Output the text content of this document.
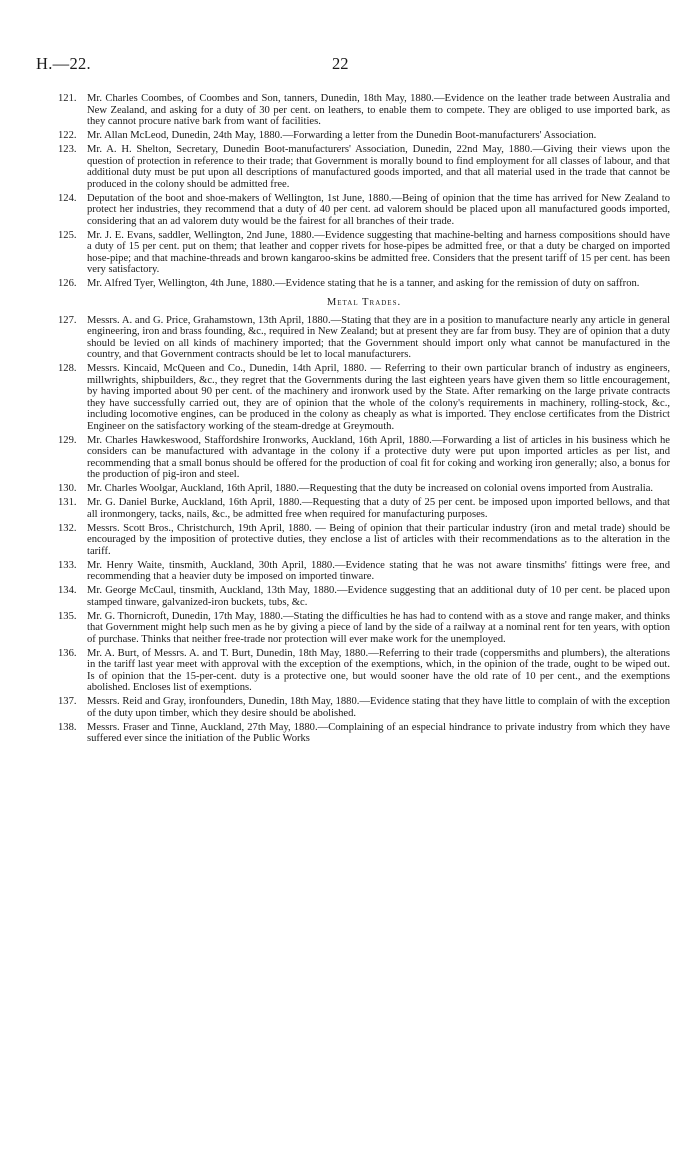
H.—22.	22
121. Mr. Charles Coombes, of Coombes and Son, tanners, Dunedin, 18th May, 1880.—Evidence on the leather trade between Australia and New Zealand, and asking for a duty of 30 per cent. on leathers, to enable them to compete. They are obliged to use imported bark, as they cannot procure native bark from want of facilities.
122. Mr. Allan McLeod, Dunedin, 24th May, 1880.—Forwarding a letter from the Dunedin Boot-manufacturers' Association.
123. Mr. A. H. Shelton, Secretary, Dunedin Boot-manufacturers' Association, Dunedin, 22nd May, 1880.—Giving their views upon the question of protection in reference to their trade; that Government is morally bound to find employment for all classes of labour, and that additional duty must be put upon all descriptions of manufactured goods imported, and that all material used in the trade that cannot be produced in the colony should be admitted free.
124. Deputation of the boot and shoe-makers of Wellington, 1st June, 1880.—Being of opinion that the time has arrived for New Zealand to protect her industries, they recommend that a duty of 40 per cent. ad valorem should be placed upon all manufactured goods imported, considering that an ad valorem duty would be the fairest for all branches of their trade.
125. Mr. J. E. Evans, saddler, Wellington, 2nd June, 1880.—Evidence suggesting that machine-belting and harness compositions should have a duty of 15 per cent. put on them; that leather and copper rivets for hose-pipes be admitted free, or that a duty be charged on imported hose-pipe; and that machine-threads and brown kangaroo-skins be admitted free. Considers that the present tariff of 15 per cent. has been very satisfactory.
126. Mr. Alfred Tyer, Wellington, 4th June, 1880.—Evidence stating that he is a tanner, and asking for the remission of duty on saffron.
Metal Trades.
127. Messrs. A. and G. Price, Grahamstown, 13th April, 1880.—Stating that they are in a position to manufacture nearly any article in general engineering, iron and brass founding, &c., required in New Zealand; but at present they are far from busy. They are of opinion that a duty should be levied on all kinds of machinery imported; that the Government should import only what cannot be manufactured in the country, and that Government contracts should be let to local manufacturers.
128. Messrs. Kincaid, McQueen and Co., Dunedin, 14th April, 1880. — Referring to their own particular branch of industry as engineers, millwrights, shipbuilders, &c., they regret that the Governments during the last eighteen years have given them so little encouragement, by having imported about 90 per cent. of the machinery and ironwork used by the State. After remarking on the large private contracts they have successfully carried out, they are of opinion that the whole of the colony's requirements in machinery, rolling-stock, &c., including locomotive engines, can be produced in the colony as cheaply as what is imported. They enclose certificates from the District Engineer on the satisfactory working of the steam-dredge at Greymouth.
129. Mr. Charles Hawkeswood, Staffordshire Ironworks, Auckland, 16th April, 1880.—Forwarding a list of articles in his business which he considers can be manufactured with advantage in the colony if a protective duty were put upon imported articles as per list, and recommending that a small bonus should be offered for the production of coal fit for coking and working iron generally; also, a bonus for the production of pig-iron and steel.
130. Mr. Charles Woolgar, Auckland, 16th April, 1880.—Requesting that the duty be increased on colonial ovens imported from Australia.
131. Mr. G. Daniel Burke, Auckland, 16th April, 1880.—Requesting that a duty of 25 per cent. be imposed upon imported bellows, and that all ironmongery, tacks, nails, &c., be admitted free when required for manufacturing purposes.
132. Messrs. Scott Bros., Christchurch, 19th April, 1880. — Being of opinion that their particular industry (iron and metal trade) should be encouraged by the imposition of protective duties, they enclose a list of articles with their recommendations as to the alteration in the tariff.
133. Mr. Henry Waite, tinsmith, Auckland, 30th April, 1880.—Evidence stating that he was not aware tinsmiths' fittings were free, and recommending that a heavier duty be imposed on imported tinware.
134. Mr. George McCaul, tinsmith, Auckland, 13th May, 1880.—Evidence suggesting that an additional duty of 10 per cent. be placed upon stamped tinware, galvanized-iron buckets, tubs, &c.
135. Mr. G. Thornicroft, Dunedin, 17th May, 1880.—Stating the difficulties he has had to contend with as a stove and range maker, and thinks that Government might help such men as he by giving a piece of land by the side of a railway at a nominal rent for ten years, with option of purchase. Thinks that neither free-trade nor protection will ever make work for the unemployed.
136. Mr. A. Burt, of Messrs. A. and T. Burt, Dunedin, 18th May, 1880.—Referring to their trade (coppersmiths and plumbers), the alterations in the tariff last year meet with approval with the exception of the exemptions, which, in the opinion of the trade, ought to be wiped out. Is of opinion that the 15-per-cent. duty is a protective one, but would sooner have the old rate of 10 per cent., and the exemptions abolished. Encloses list of exemptions.
137. Messrs. Reid and Gray, ironfounders, Dunedin, 18th May, 1880.—Evidence stating that they have little to complain of with the exception of the duty upon timber, which they desire should be abolished.
138. Messrs. Fraser and Tinne, Auckland, 27th May, 1880.—Complaining of an especial hindrance to private industry from which they have suffered ever since the initiation of the Public Works
